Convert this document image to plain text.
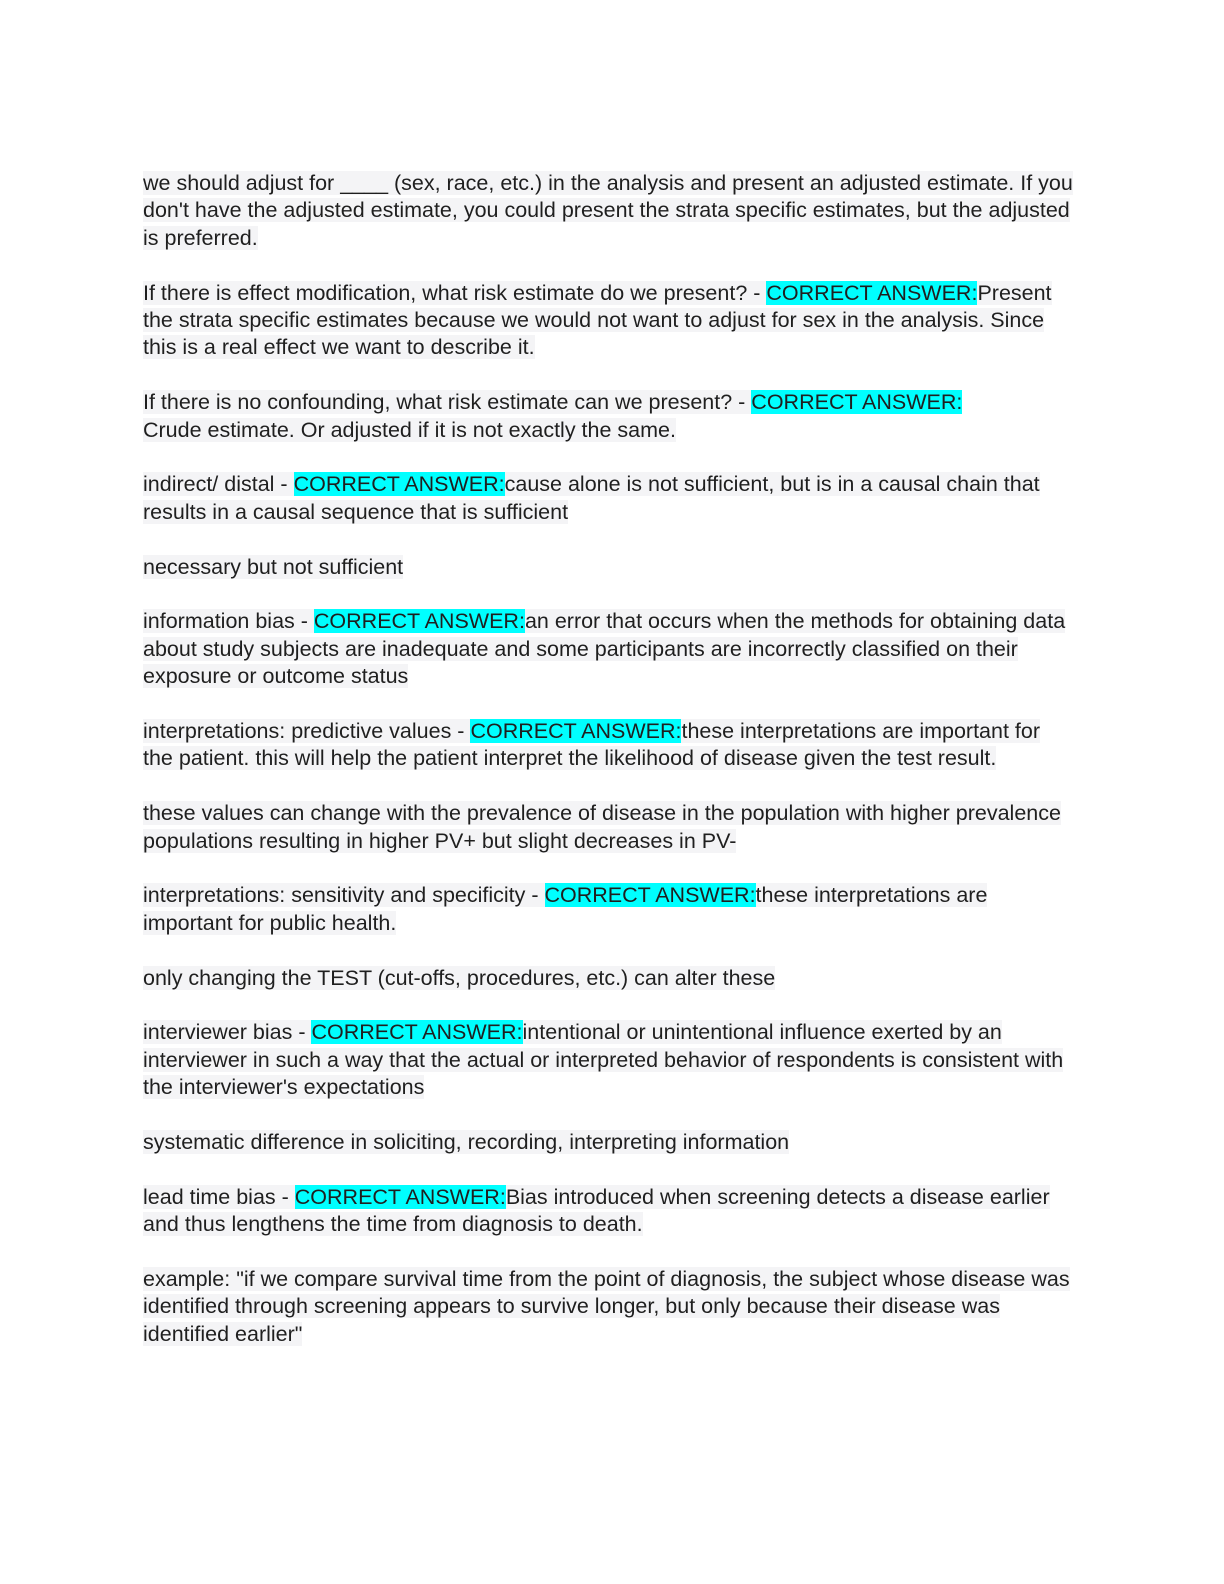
we should adjust for ____ (sex, race, etc.) in the analysis and present an adjusted estimate. If you don't have the adjusted estimate, you could present the strata specific estimates, but the adjusted is preferred.

If there is effect modification, what risk estimate do we present? - CORRECT ANSWER:Present the strata specific estimates because we would not want to adjust for sex in the analysis. Since this is a real effect we want to describe it.

If there is no confounding, what risk estimate can we present? - CORRECT ANSWER:
Crude estimate. Or adjusted if it is not exactly the same.

indirect/ distal - CORRECT ANSWER:cause alone is not sufficient, but is in a causal chain that results in a causal sequence that is sufficient

necessary but not sufficient

information bias - CORRECT ANSWER:an error that occurs when the methods for obtaining data about study subjects are inadequate and some participants are incorrectly classified on their exposure or outcome status

interpretations: predictive values - CORRECT ANSWER:these interpretations are important for the patient. this will help the patient interpret the likelihood of disease given the test result.

these values can change with the prevalence of disease in the population with higher prevalence populations resulting in higher PV+ but slight decreases in PV-

interpretations: sensitivity and specificity - CORRECT ANSWER:these interpretations are important for public health.

only changing the TEST (cut-offs, procedures, etc.) can alter these

interviewer bias - CORRECT ANSWER:intentional or unintentional influence exerted by an interviewer in such a way that the actual or interpreted behavior of respondents is consistent with the interviewer's expectations

systematic difference in soliciting, recording, interpreting information

lead time bias - CORRECT ANSWER:Bias introduced when screening detects a disease earlier and thus lengthens the time from diagnosis to death.

example: "if we compare survival time from the point of diagnosis, the subject whose disease was identified through screening appears to survive longer, but only because their disease was identified earlier"
